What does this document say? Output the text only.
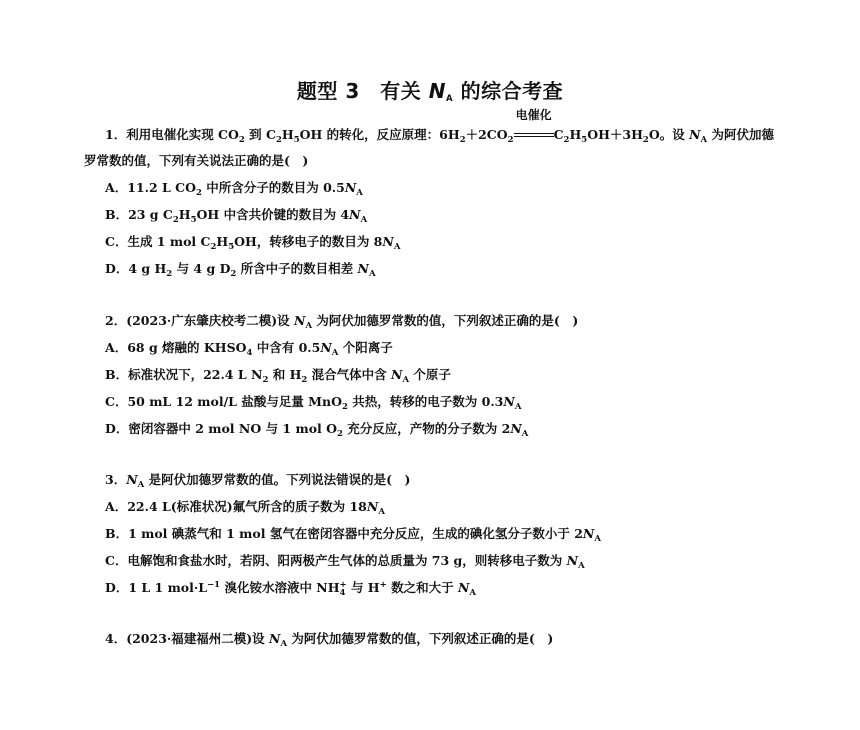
题型 3　有关 $N_A$ 的综合考查
1．利用电催化实现 $CO_2$ 到 $C_2H_5OH$ 的转化，反应原理：$6H_2+2CO_2$
电催化
$C_2H_5OH+3H_2O$。设 $N_A$ 为阿伏加德
罗常数的值，下列有关说法正确的是(　)
A．11.2 L $CO_2$ 中所含分子的数目为 $0.5N_A$
B．23 g $C_2H_5OH$ 中含共价键的数目为 $4N_A$
C．生成 1 mol $C_2H_5OH$，转移电子的数目为 $8N_A$
D．4 g $H_2$ 与 4 g $D_2$ 所含中子的数目相差 $N_A$
2．(2023·广东肇庆校考二模)设 $N_A$ 为阿伏加德罗常数的值，下列叙述正确的是(　)
A．68 g 熔融的 $KHSO_4$ 中含有 $0.5N_A$ 个阳离子
B．标准状况下，22.4 L $N_2$ 和 $H_2$ 混合气体中含 $N_A$ 个原子
C．50 mL 12 mol/L 盐酸与足量 MnO$_2$ 共热，转移的电子数为 $0.3N_A$
D．密闭容器中 2 mol NO 与 1 mol $O_2$ 充分反应，产物的分子数为 $2N_A$
3．$N_A$ 是阿伏加德罗常数的值。下列说法错误的是(　)
A．22.4 L(标准状况)氟气所含的质子数为 $18N_A$
B．1 mol 碘蒸气和 1 mol 氢气在密闭容器中充分反应，生成的碘化氢分子数小于 $2N_A$
C．电解饱和食盐水时，若阴、阳两极产生气体的总质量为 73 g，则转移电子数为 $N_A$
D．1 L 1 $mol\cdot L^{-1}$ 溴化铵水溶液中 $NH_4^+$ 与 H+ 数之和大于 $N_A$
4．(2023·福建福州二模)设 $N_A$ 为阿伏加德罗常数的值，下列叙述正确的是(　)
